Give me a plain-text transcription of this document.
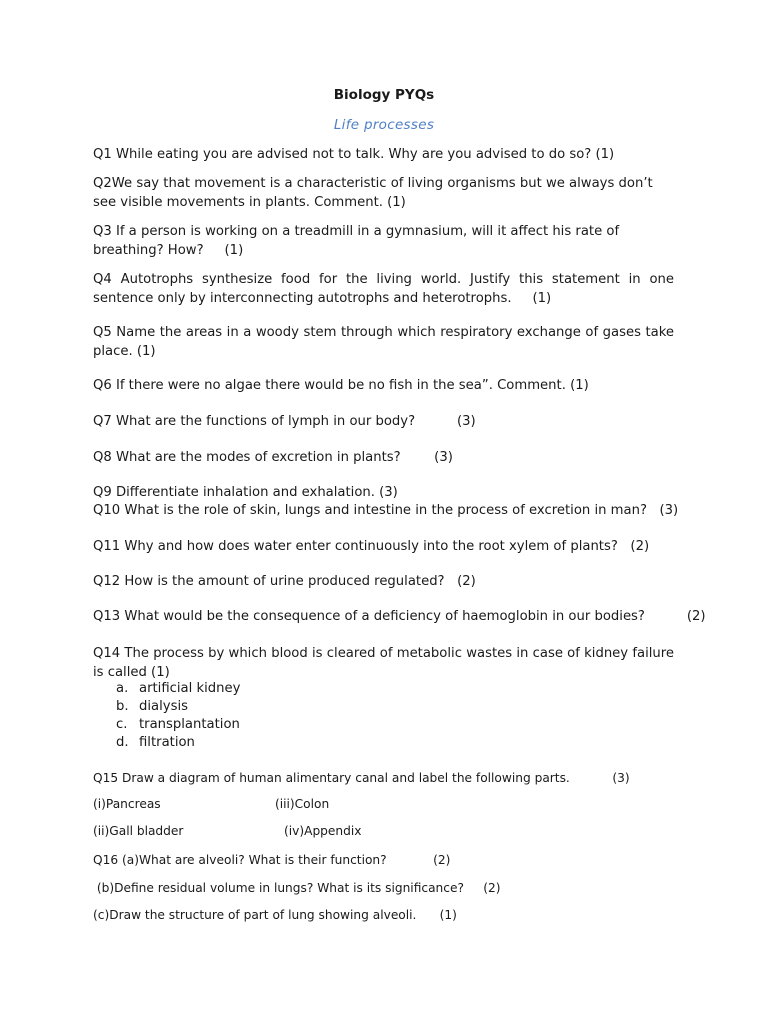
Biology PYQs
Life processes
Q1 While eating you are advised not to talk. Why are you advised to do so? (1)
Q2We say that movement is a characteristic of living organisms but we always don’t see visible movements in plants. Comment. (1)
Q3 If a person is working on a treadmill in a gymnasium, will it affect his rate of breathing? How?     (1)
Q4 Autotrophs synthesize food for the living world. Justify this statement in one sentence only by interconnecting autotrophs and heterotrophs.     (1)
Q5 Name the areas in a woody stem through which respiratory exchange of gases take place. (1)
Q6 If there were no algae there would be no fish in the sea”. Comment. (1)
Q7 What are the functions of lymph in our body?          (3)
Q8 What are the modes of excretion in plants?        (3)
Q9 Differentiate inhalation and exhalation. (3)
Q10 What is the role of skin, lungs and intestine in the process of excretion in man?   (3)
Q11 Why and how does water enter continuously into the root xylem of plants?   (2)
Q12 How is the amount of urine produced regulated?   (2)
Q13 What would be the consequence of a deficiency of haemoglobin in our bodies?          (2)
Q14 The process by which blood is cleared of metabolic wastes in case of kidney failure is called (1)
a. artificial kidney
b. dialysis
c. transplantation
d. filtration
Q15 Draw a diagram of human alimentary canal and label the following parts.           (3)
(i)Pancreas	(iii)Colon
(ii)Gall bladder	(iv)Appendix
Q16 (a)What are alveoli? What is their function?            (2)
(b)Define residual volume in lungs? What is its significance?     (2)
(c)Draw the structure of part of lung showing alveoli.      (1)
